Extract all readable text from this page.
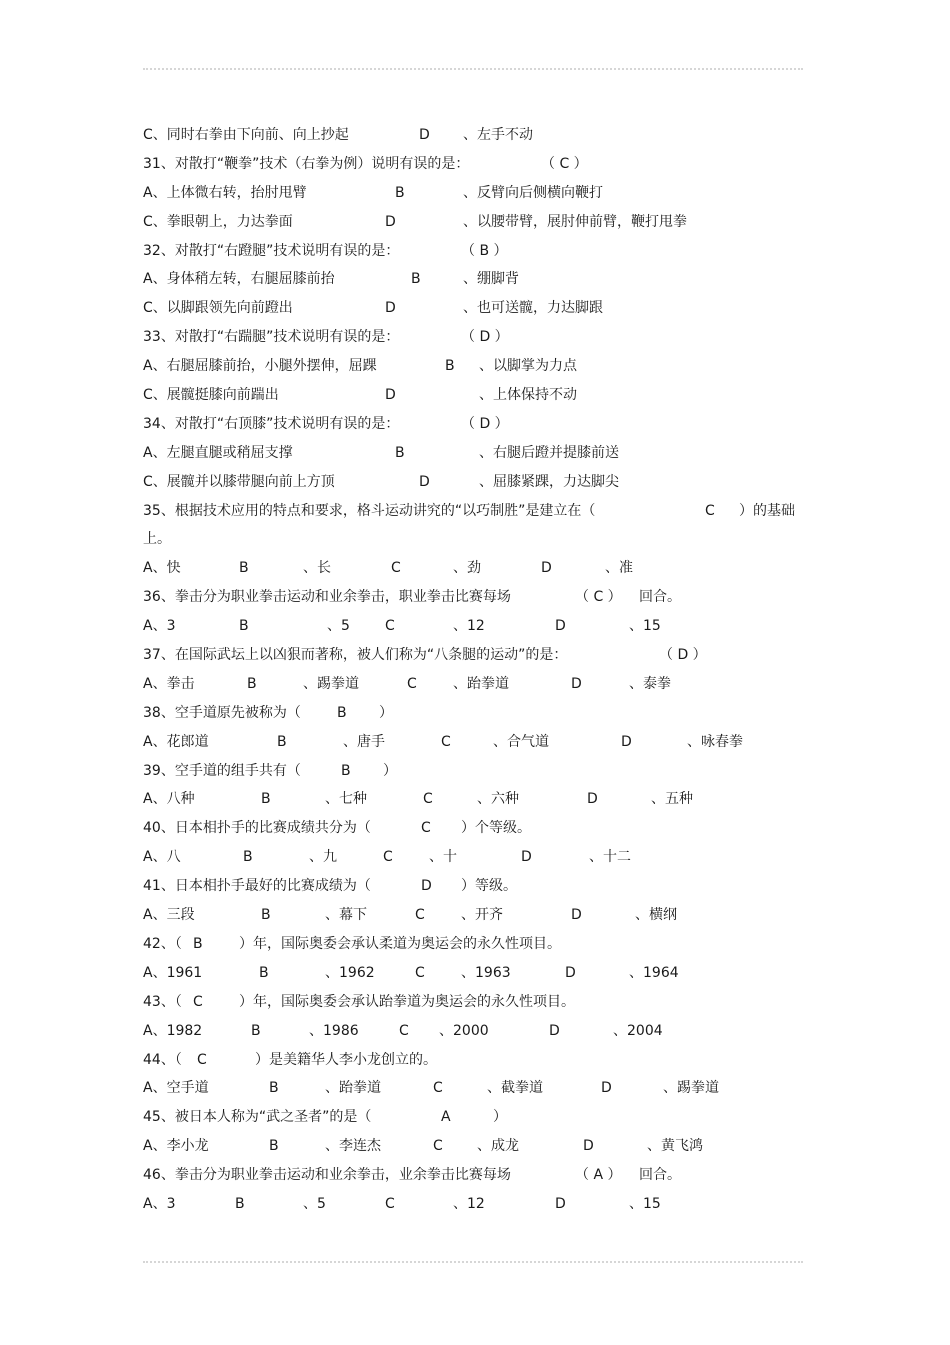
C、同时右拳由下向前、向上抄起	D 、左手不动
31、对散打“鞭拳”技术（右拳为例）说明有误的是：	（ C ）
A、上体微右转，抬肘甩臂	B	、反臂向后侧横向鞭打
C、拳眼朝上，力达拳面	D	、以腰带臂，展肘伸前臂，鞭打甩拳
32、对散打“右蹬腿”技术说明有误的是：	（ B ）
A、身体稍左转，右腿屈膝前抬	B	、绷脚背
C、以脚跟领先向前蹬出	D	、也可送髋，力达脚跟
33、对散打“右踹腿”技术说明有误的是：	（ D ）
A、右腿屈膝前抬，小腿外摆伸，屈踝	B 、以脚掌为力点
C、展髋挺膝向前踹出	D	、上体保持不动
34、对散打“右顶膝”技术说明有误的是：	（ D ）
A、左腿直腿或稍屈支撑	B	、右腿后蹬并提膝前送
C、展髋并以膝带腿向前上方顶	D	、屈膝紧踝，力达脚尖
35、根据技术应用的特点和要求，格斗运动讲究的“以巧制胜”是建立在（	C ）的基础
上。
A、快	B	、长	C	、劲	D	、准
36、拳击分为职业拳击运动和业余拳击，职业拳击比赛每场	（ C ） 回合。
A、3	B	、5	C	、12	D	、15
37、在国际武坛上以凶狠而著称，被人们称为“八条腿的运动”的是：	（ D ）
A、拳击	B	、踢拳道	C	、跆拳道	D	、泰拳
38、空手道原先被称为（	B ）
A、花郎道	B	、唐手	C	、合气道	D	、咏春拳
39、空手道的组手共有（	B ）
A、八种	B	、七种	C	、六种	D	、五种
40、日本相扑手的比赛成绩共分为（	C ）个等级。
A、八	B	、九	C	、十	D	、十二
41、日本相扑手最好的比赛成绩为（	D ）等级。
A、三段	B	、幕下	C	、开齐	D	、横纲
42、（ B	）年，国际奥委会承认柔道为奥运会的永久性项目。
A、1961	B	、1962	C	、1963	D	、1964
43、（ C	）年，国际奥委会承认跆拳道为奥运会的永久性项目。
A、1982	B	、1986	C 、2000	D	、2004
44、（ C	）是美籍华人李小龙创立的。
A、空手道	B	、跆拳道	C	、截拳道	D	、踢拳道
45、被日本人称为“武之圣者”的是（	A	）
A、李小龙	B	、李连杰	C 、成龙	D	、黄飞鸿
46、拳击分为职业拳击运动和业余拳击，业余拳击比赛每场	（ A ） 回合。
A、3	B	、5	C	、12	D	、15
